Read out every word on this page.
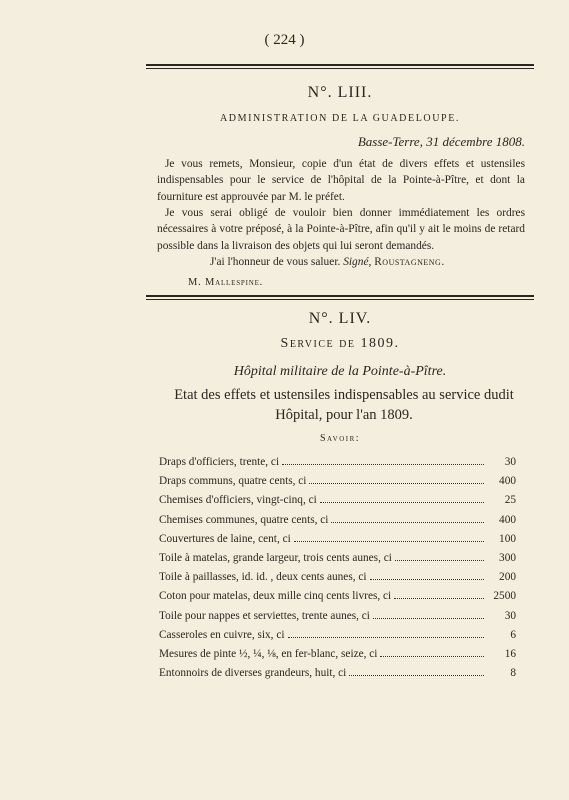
( 224 )
N°. LIII.
ADMINISTRATION DE LA GUADELOUPE.
Basse-Terre, 31 décembre 1808.

Je vous remets, Monsieur, copie d'un état de divers effets et ustensiles indispensables pour le service de l'hôpital de la Pointe-à-Pître, et dont la fourniture est approuvée par M. le préfet.

Je vous serai obligé de vouloir bien donner immédiatement les ordres nécessaires à votre préposé, à la Pointe-à-Pître, afin qu'il y ait le moins de retard possible dans la livraison des objets qui lui seront demandés.

J'ai l'honneur de vous saluer. Signé, Roustagneng.
M. Mallespine.
N°. LIV.
Service de 1809.
Hôpital militaire de la Pointe-à-Pître.

Etat des effets et ustensiles indispensables au service dudit Hôpital, pour l'an 1809.

Savoir:
Draps d'officiers, trente, ci	30
Draps communs, quatre cents, ci	400
Chemises d'officiers, vingt-cinq, ci	25
Chemises communes, quatre cents, ci	400
Couvertures de laine, cent, ci	100
Toile à matelas, grande largeur, trois cents aunes, ci	300
Toile à paillasses, id. id. , deux cents aunes, ci	200
Coton pour matelas, deux mille cinq cents livres, ci	2500
Toile pour nappes et serviettes, trente aunes, ci	30
Casseroles en cuivre, six, ci	6
Mesures de pinte ½, ¼, ⅛, en fer-blanc, seize, ci	16
Entonnoirs de diverses grandeurs, huit, ci	8
